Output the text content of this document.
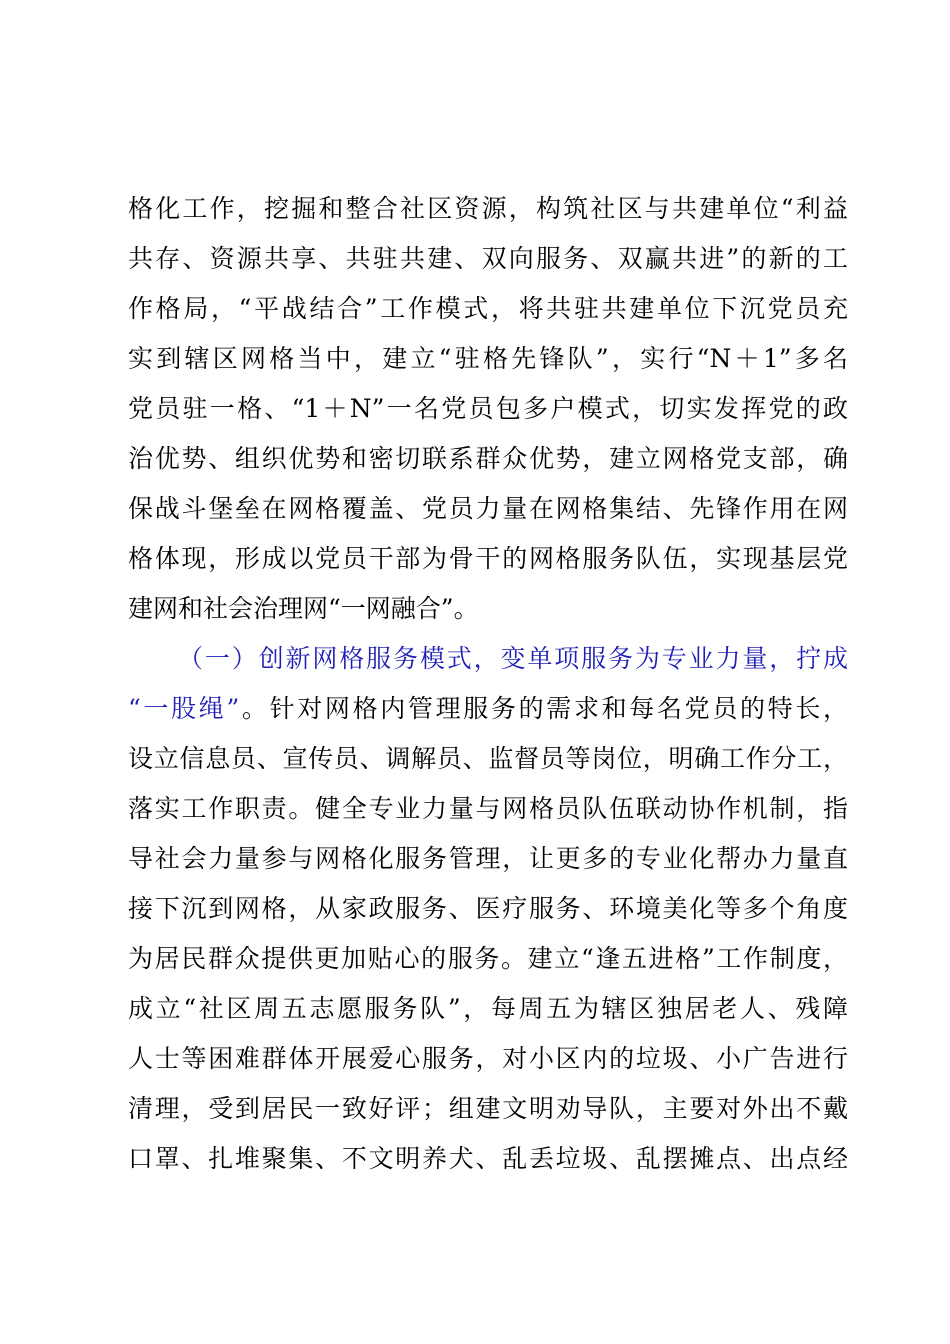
格化工作，挖掘和整合社区资源，构筑社区与共建单位“利益
共存、资源共享、共驻共建、双向服务、双赢共进”的新的工
作格局，“平战结合”工作模式，将共驻共建单位下沉党员充
实到辖区网格当中，建立“驻格先锋队”，实行“N＋1”多名
党员驻一格、“1＋N”一名党员包多户模式，切实发挥党的政
治优势、组织优势和密切联系群众优势，建立网格党支部，确
保战斗堡垒在网格覆盖、党员力量在网格集结、先锋作用在网
格体现，形成以党员干部为骨干的网格服务队伍，实现基层党
建网和社会治理网“一网融合”。
（一）创新网格服务模式，变单项服务为专业力量，拧成
“一股绳”。针对网格内管理服务的需求和每名党员的特长，
设立信息员、宣传员、调解员、监督员等岗位，明确工作分工，
落实工作职责。健全专业力量与网格员队伍联动协作机制，指
导社会力量参与网格化服务管理，让更多的专业化帮办力量直
接下沉到网格，从家政服务、医疗服务、环境美化等多个角度
为居民群众提供更加贴心的服务。建立“逢五进格”工作制度，
成立“社区周五志愿服务队”，每周五为辖区独居老人、残障
人士等困难群体开展爱心服务，对小区内的垃圾、小广告进行
清理，受到居民一致好评；组建文明劝导队，主要对外出不戴
口罩、扎堆聚集、不文明养犬、乱丢垃圾、乱摆摊点、出点经
